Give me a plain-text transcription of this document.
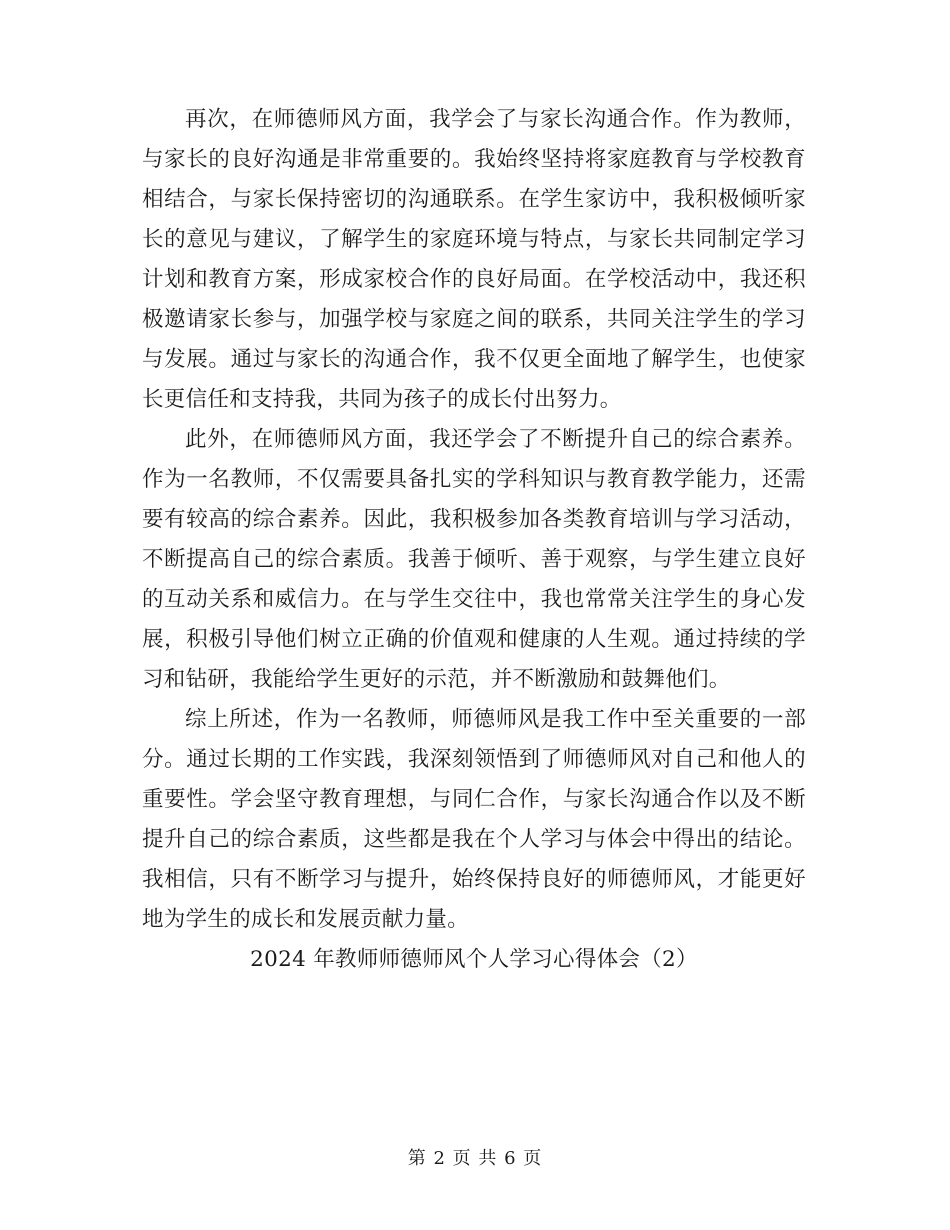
再次，在师德师风方面，我学会了与家长沟通合作。作为教师，与家长的良好沟通是非常重要的。我始终坚持将家庭教育与学校教育相结合，与家长保持密切的沟通联系。在学生家访中，我积极倾听家长的意见与建议，了解学生的家庭环境与特点，与家长共同制定学习计划和教育方案，形成家校合作的良好局面。在学校活动中，我还积极邀请家长参与，加强学校与家庭之间的联系，共同关注学生的学习与发展。通过与家长的沟通合作，我不仅更全面地了解学生，也使家长更信任和支持我，共同为孩子的成长付出努力。

此外，在师德师风方面，我还学会了不断提升自己的综合素养。作为一名教师，不仅需要具备扎实的学科知识与教育教学能力，还需要有较高的综合素养。因此，我积极参加各类教育培训与学习活动，不断提高自己的综合素质。我善于倾听、善于观察，与学生建立良好的互动关系和威信力。在与学生交往中，我也常常关注学生的身心发展，积极引导他们树立正确的价值观和健康的人生观。通过持续的学习和钻研，我能给学生更好的示范，并不断激励和鼓舞他们。

综上所述，作为一名教师，师德师风是我工作中至关重要的一部分。通过长期的工作实践，我深刻领悟到了师德师风对自己和他人的重要性。学会坚守教育理想，与同仁合作，与家长沟通合作以及不断提升自己的综合素质，这些都是我在个人学习与体会中得出的结论。我相信，只有不断学习与提升，始终保持良好的师德师风，才能更好地为学生的成长和发展贡献力量。

2024 年教师师德师风个人学习心得体会（2）

第 2 页 共 6 页
